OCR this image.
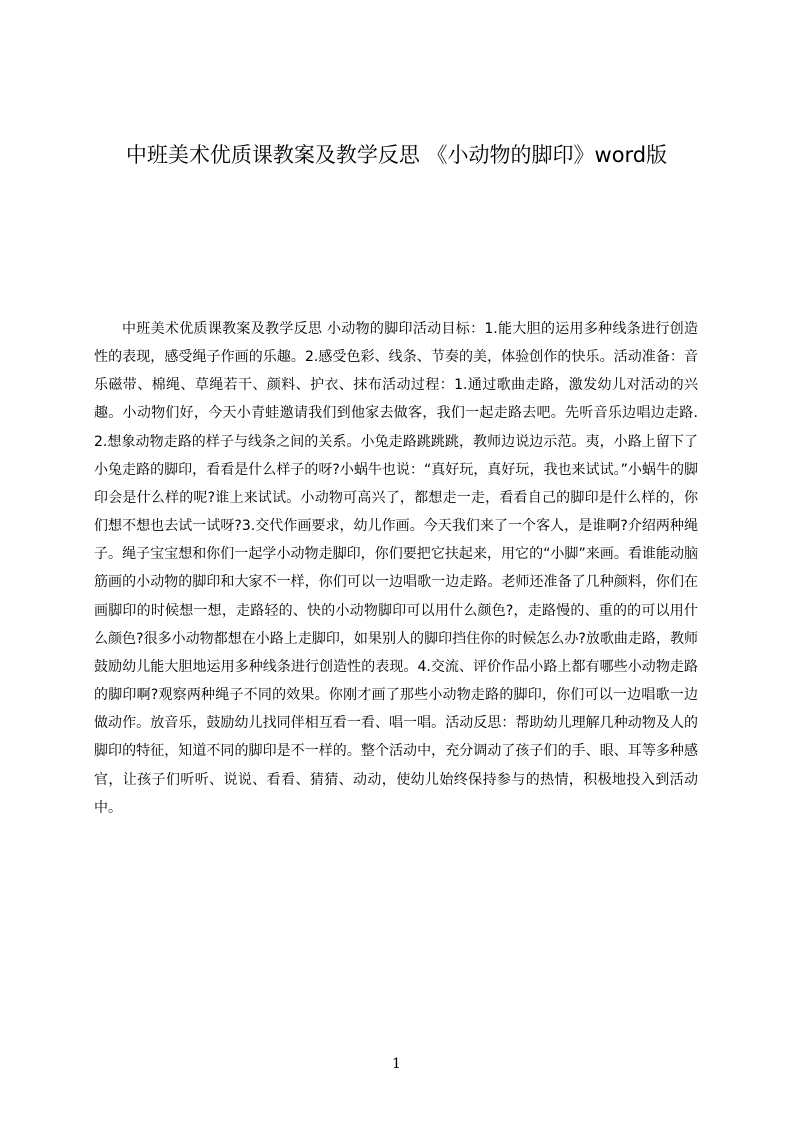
中班美术优质课教案及教学反思 《小动物的脚印》word版

中班美术优质课教案及教学反思 小动物的脚印活动目标：1.能大胆的运用多种线条进行创造性的表现，感受绳子作画的乐趣。2.感受色彩、线条、节奏的美，体验创作的快乐。活动准备：音乐磁带、棉绳、草绳若干、颜料、护衣、抹布活动过程：1.通过歌曲走路，激发幼儿对活动的兴趣。小动物们好，今天小青蛙邀请我们到他家去做客，我们一起走路去吧。先听音乐边唱边走路.2.想象动物走路的样子与线条之间的关系。小兔走路跳跳跳，教师边说边示范。夷，小路上留下了小兔走路的脚印，看看是什么样子的呀?小蜗牛也说：“真好玩，真好玩，我也来试试。”小蜗牛的脚印会是什么样的呢?谁上来试试。小动物可高兴了，都想走一走，看看自己的脚印是什么样的，你们想不想也去试一试呀?3.交代作画要求，幼儿作画。今天我们来了一个客人，是谁啊?介绍两种绳子。绳子宝宝想和你们一起学小动物走脚印，你们要把它扶起来，用它的“小脚”来画。看谁能动脑筋画的小动物的脚印和大家不一样，你们可以一边唱歌一边走路。老师还准备了几种颜料，你们在画脚印的时候想一想，走路轻的、快的小动物脚印可以用什么颜色?，走路慢的、重的的可以用什么颜色?很多小动物都想在小路上走脚印，如果别人的脚印挡住你的时候怎么办?放歌曲走路，教师鼓励幼儿能大胆地运用多种线条进行创造性的表现。4.交流、评价作品小路上都有哪些小动物走路的脚印啊?观察两种绳子不同的效果。你刚才画了那些小动物走路的脚印，你们可以一边唱歌一边做动作。放音乐，鼓励幼儿找同伴相互看一看、唱一唱。活动反思：帮助幼儿理解几种动物及人的脚印的特征，知道不同的脚印是不一样的。整个活动中，充分调动了孩子们的手、眼、耳等多种感官，让孩子们听听、说说、看看、猜猜、动动，使幼儿始终保持参与的热情，积极地投入到活动中。

1
